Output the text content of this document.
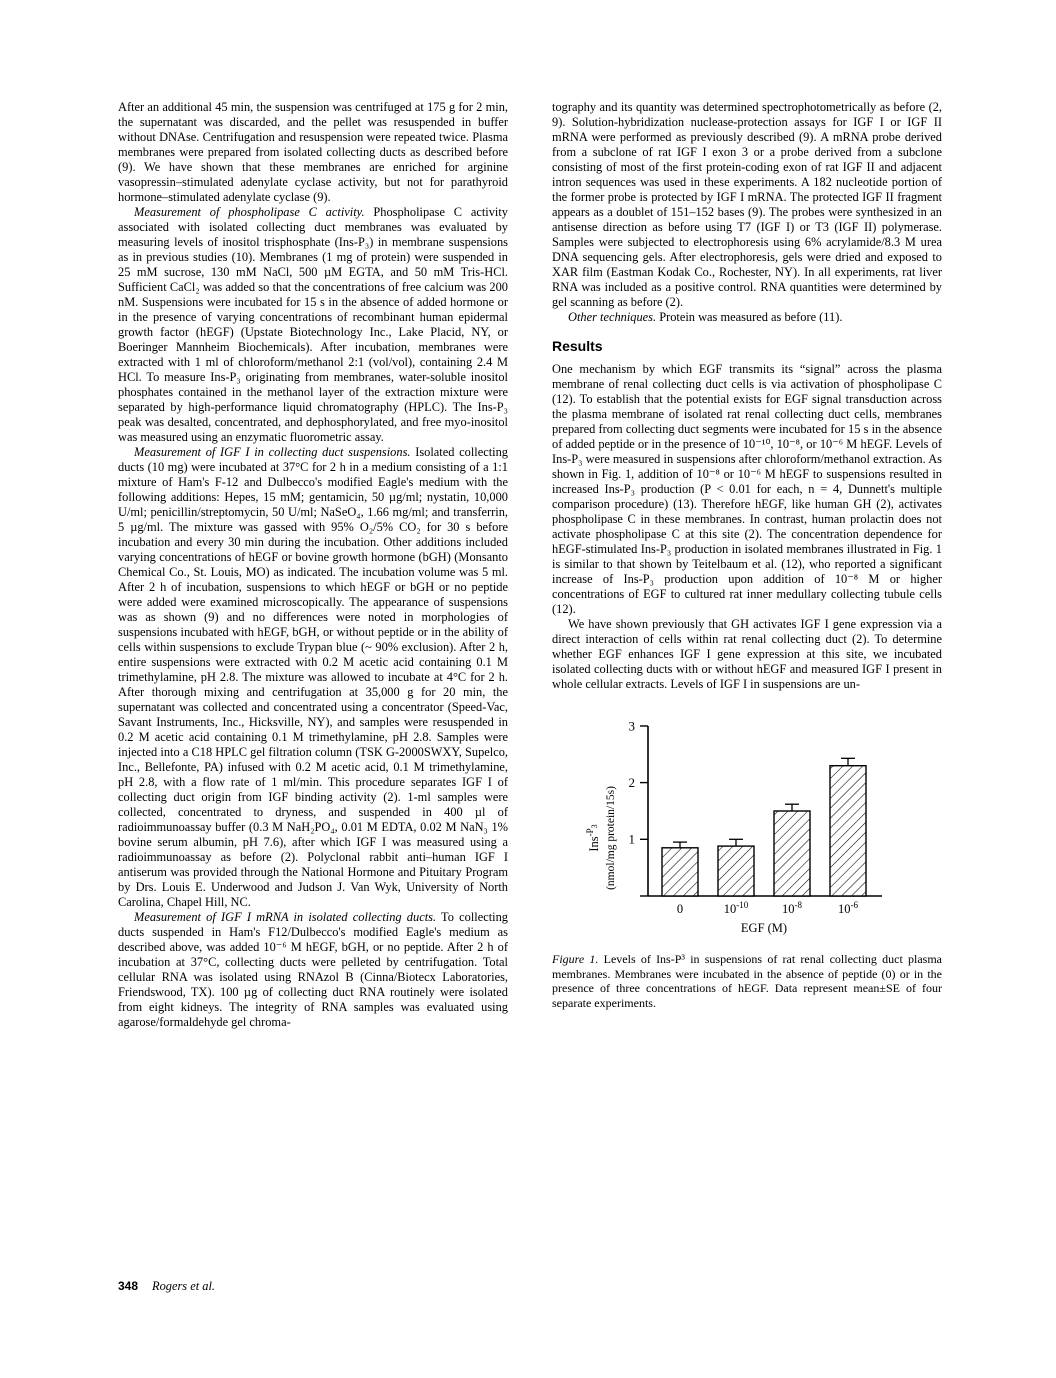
After an additional 45 min, the suspension was centrifuged at 175 g for 2 min, the supernatant was discarded, and the pellet was resuspended in buffer without DNAse. Centrifugation and resuspension were repeated twice. Plasma membranes were prepared from isolated collecting ducts as described before (9). We have shown that these membranes are enriched for arginine vasopressin–stimulated adenylate cyclase activity, but not for parathyroid hormone–stimulated adenylate cyclase (9).

Measurement of phospholipase C activity. Phospholipase C activity associated with isolated collecting duct membranes was evaluated by measuring levels of inositol trisphosphate (Ins-P₃) in membrane suspensions as in previous studies (10). Membranes (1 mg of protein) were suspended in 25 mM sucrose, 130 mM NaCl, 500 µM EGTA, and 50 mM Tris-HCl. Sufficient CaCl₂ was added so that the concentrations of free calcium was 200 nM. Suspensions were incubated for 15 s in the absence of added hormone or in the presence of varying concentrations of recombinant human epidermal growth factor (hEGF) (Upstate Biotechnology Inc., Lake Placid, NY, or Boeringer Mannheim Biochemicals). After incubation, membranes were extracted with 1 ml of chloroform/methanol 2:1 (vol/vol), containing 2.4 M HCl. To measure Ins-P₃ originating from membranes, water-soluble inositol phosphates contained in the methanol layer of the extraction mixture were separated by high-performance liquid chromatography (HPLC). The Ins-P₃ peak was desalted, concentrated, and dephosphorylated, and free myo-inositol was measured using an enzymatic fluorometric assay.

Measurement of IGF I in collecting duct suspensions. Isolated collecting ducts (10 mg) were incubated at 37°C for 2 h in a medium consisting of a 1:1 mixture of Ham's F-12 and Dulbecco's modified Eagle's medium with the following additions: Hepes, 15 mM; gentamicin, 50 µg/ml; nystatin, 10,000 U/ml; penicillin/streptomycin, 50 U/ml; NaSeO₄, 1.66 mg/ml; and transferrin, 5 µg/ml. The mixture was gassed with 95% O₂/5% CO₂ for 30 s before incubation and every 30 min during the incubation. Other additions included varying concentrations of hEGF or bovine growth hormone (bGH) (Monsanto Chemical Co., St. Louis, MO) as indicated. The incubation volume was 5 ml. After 2 h of incubation, suspensions to which hEGF or bGH or no peptide were added were examined microscopically. The appearance of suspensions was as shown (9) and no differences were noted in morphologies of suspensions incubated with hEGF, bGH, or without peptide or in the ability of cells within suspensions to exclude Trypan blue (~ 90% exclusion). After 2 h, entire suspensions were extracted with 0.2 M acetic acid containing 0.1 M trimethylamine, pH 2.8. The mixture was allowed to incubate at 4°C for 2 h. After thorough mixing and centrifugation at 35,000 g for 20 min, the supernatant was collected and concentrated using a concentrator (Speed-Vac, Savant Instruments, Inc., Hicksville, NY), and samples were resuspended in 0.2 M acetic acid containing 0.1 M trimethylamine, pH 2.8. Samples were injected into a C18 HPLC gel filtration column (TSK G-2000SWXY, Supelco, Inc., Bellefonte, PA) infused with 0.2 M acetic acid, 0.1 M trimethylamine, pH 2.8, with a flow rate of 1 ml/min. This procedure separates IGF I of collecting duct origin from IGF binding activity (2). 1-ml samples were collected, concentrated to dryness, and suspended in 400 µl of radioimmunoassay buffer (0.3 M NaH₂PO₄, 0.01 M EDTA, 0.02 M NaN₃ 1% bovine serum albumin, pH 7.6), after which IGF I was measured using a radioimmunoassay as before (2). Polyclonal rabbit anti–human IGF I antiserum was provided through the National Hormone and Pituitary Program by Drs. Louis E. Underwood and Judson J. Van Wyk, University of North Carolina, Chapel Hill, NC.

Measurement of IGF I mRNA in isolated collecting ducts. To collecting ducts suspended in Ham's F12/Dulbecco's modified Eagle's medium as described above, was added 10⁻⁶ M hEGF, bGH, or no peptide. After 2 h of incubation at 37°C, collecting ducts were pelleted by centrifugation. Total cellular RNA was isolated using RNAzol B (Cinna/Biotecx Laboratories, Friendswood, TX). 100 µg of collecting duct RNA routinely were isolated from eight kidneys. The integrity of RNA samples was evaluated using agarose/formaldehyde gel chroma-

tography and its quantity was determined spectrophotometrically as before (2, 9). Solution-hybridization nuclease-protection assays for IGF I or IGF II mRNA were performed as previously described (9). A mRNA probe derived from a subclone of rat IGF I exon 3 or a probe derived from a subclone consisting of most of the first protein-coding exon of rat IGF II and adjacent intron sequences was used in these experiments. A 182 nucleotide portion of the former probe is protected by IGF I mRNA. The protected IGF II fragment appears as a doublet of 151–152 bases (9). The probes were synthesized in an antisense direction as before using T7 (IGF I) or T3 (IGF II) polymerase. Samples were subjected to electrophoresis using 6% acrylamide/8.3 M urea DNA sequencing gels. After electrophoresis, gels were dried and exposed to XAR film (Eastman Kodak Co., Rochester, NY). In all experiments, rat liver RNA was included as a positive control. RNA quantities were determined by gel scanning as before (2).

Other techniques. Protein was measured as before (11).

Results

One mechanism by which EGF transmits its “signal” across the plasma membrane of renal collecting duct cells is via activation of phospholipase C (12). To establish that the potential exists for EGF signal transduction across the plasma membrane of isolated rat renal collecting duct cells, membranes prepared from collecting duct segments were incubated for 15 s in the absence of added peptide or in the presence of 10⁻¹⁰, 10⁻⁸, or 10⁻⁶ M hEGF. Levels of Ins-P₃ were measured in suspensions after chloroform/methanol extraction. As shown in Fig. 1, addition of 10⁻⁸ or 10⁻⁶ M hEGF to suspensions resulted in increased Ins-P₃ production (P < 0.01 for each, n = 4, Dunnett's multiple comparison procedure) (13). Therefore hEGF, like human GH (2), activates phospholipase C in these membranes. In contrast, human prolactin does not activate phospholipase C at this site (2). The concentration dependence for hEGF-stimulated Ins-P₃ production in isolated membranes illustrated in Fig. 1 is similar to that shown by Teitelbaum et al. (12), who reported a significant increase of Ins-P₃ production upon addition of 10⁻⁸ M or higher concentrations of EGF to cultured rat inner medullary collecting tubule cells (12).

We have shown previously that GH activates IGF I gene expression via a direct interaction of cells within rat renal collecting duct (2). To determine whether EGF enhances IGF I gene expression at this site, we incubated isolated collecting ducts with or without hEGF and measured IGF I present in whole cellular extracts. Levels of IGF I in suspensions are un-

1
2
3
0	$10^{-10}$	$10^{-8}$	$10^{-6}$
EGF (M)
$Ins^-P_3$ (nmol/mg protein/15s)
Figure 1. Levels of Ins-P³ in suspensions of rat renal collecting duct plasma membranes. Membranes were incubated in the absence of peptide (0) or in the presence of three concentrations of hEGF. Data represent mean±SE of four separate experiments.
348 Rogers et al.
